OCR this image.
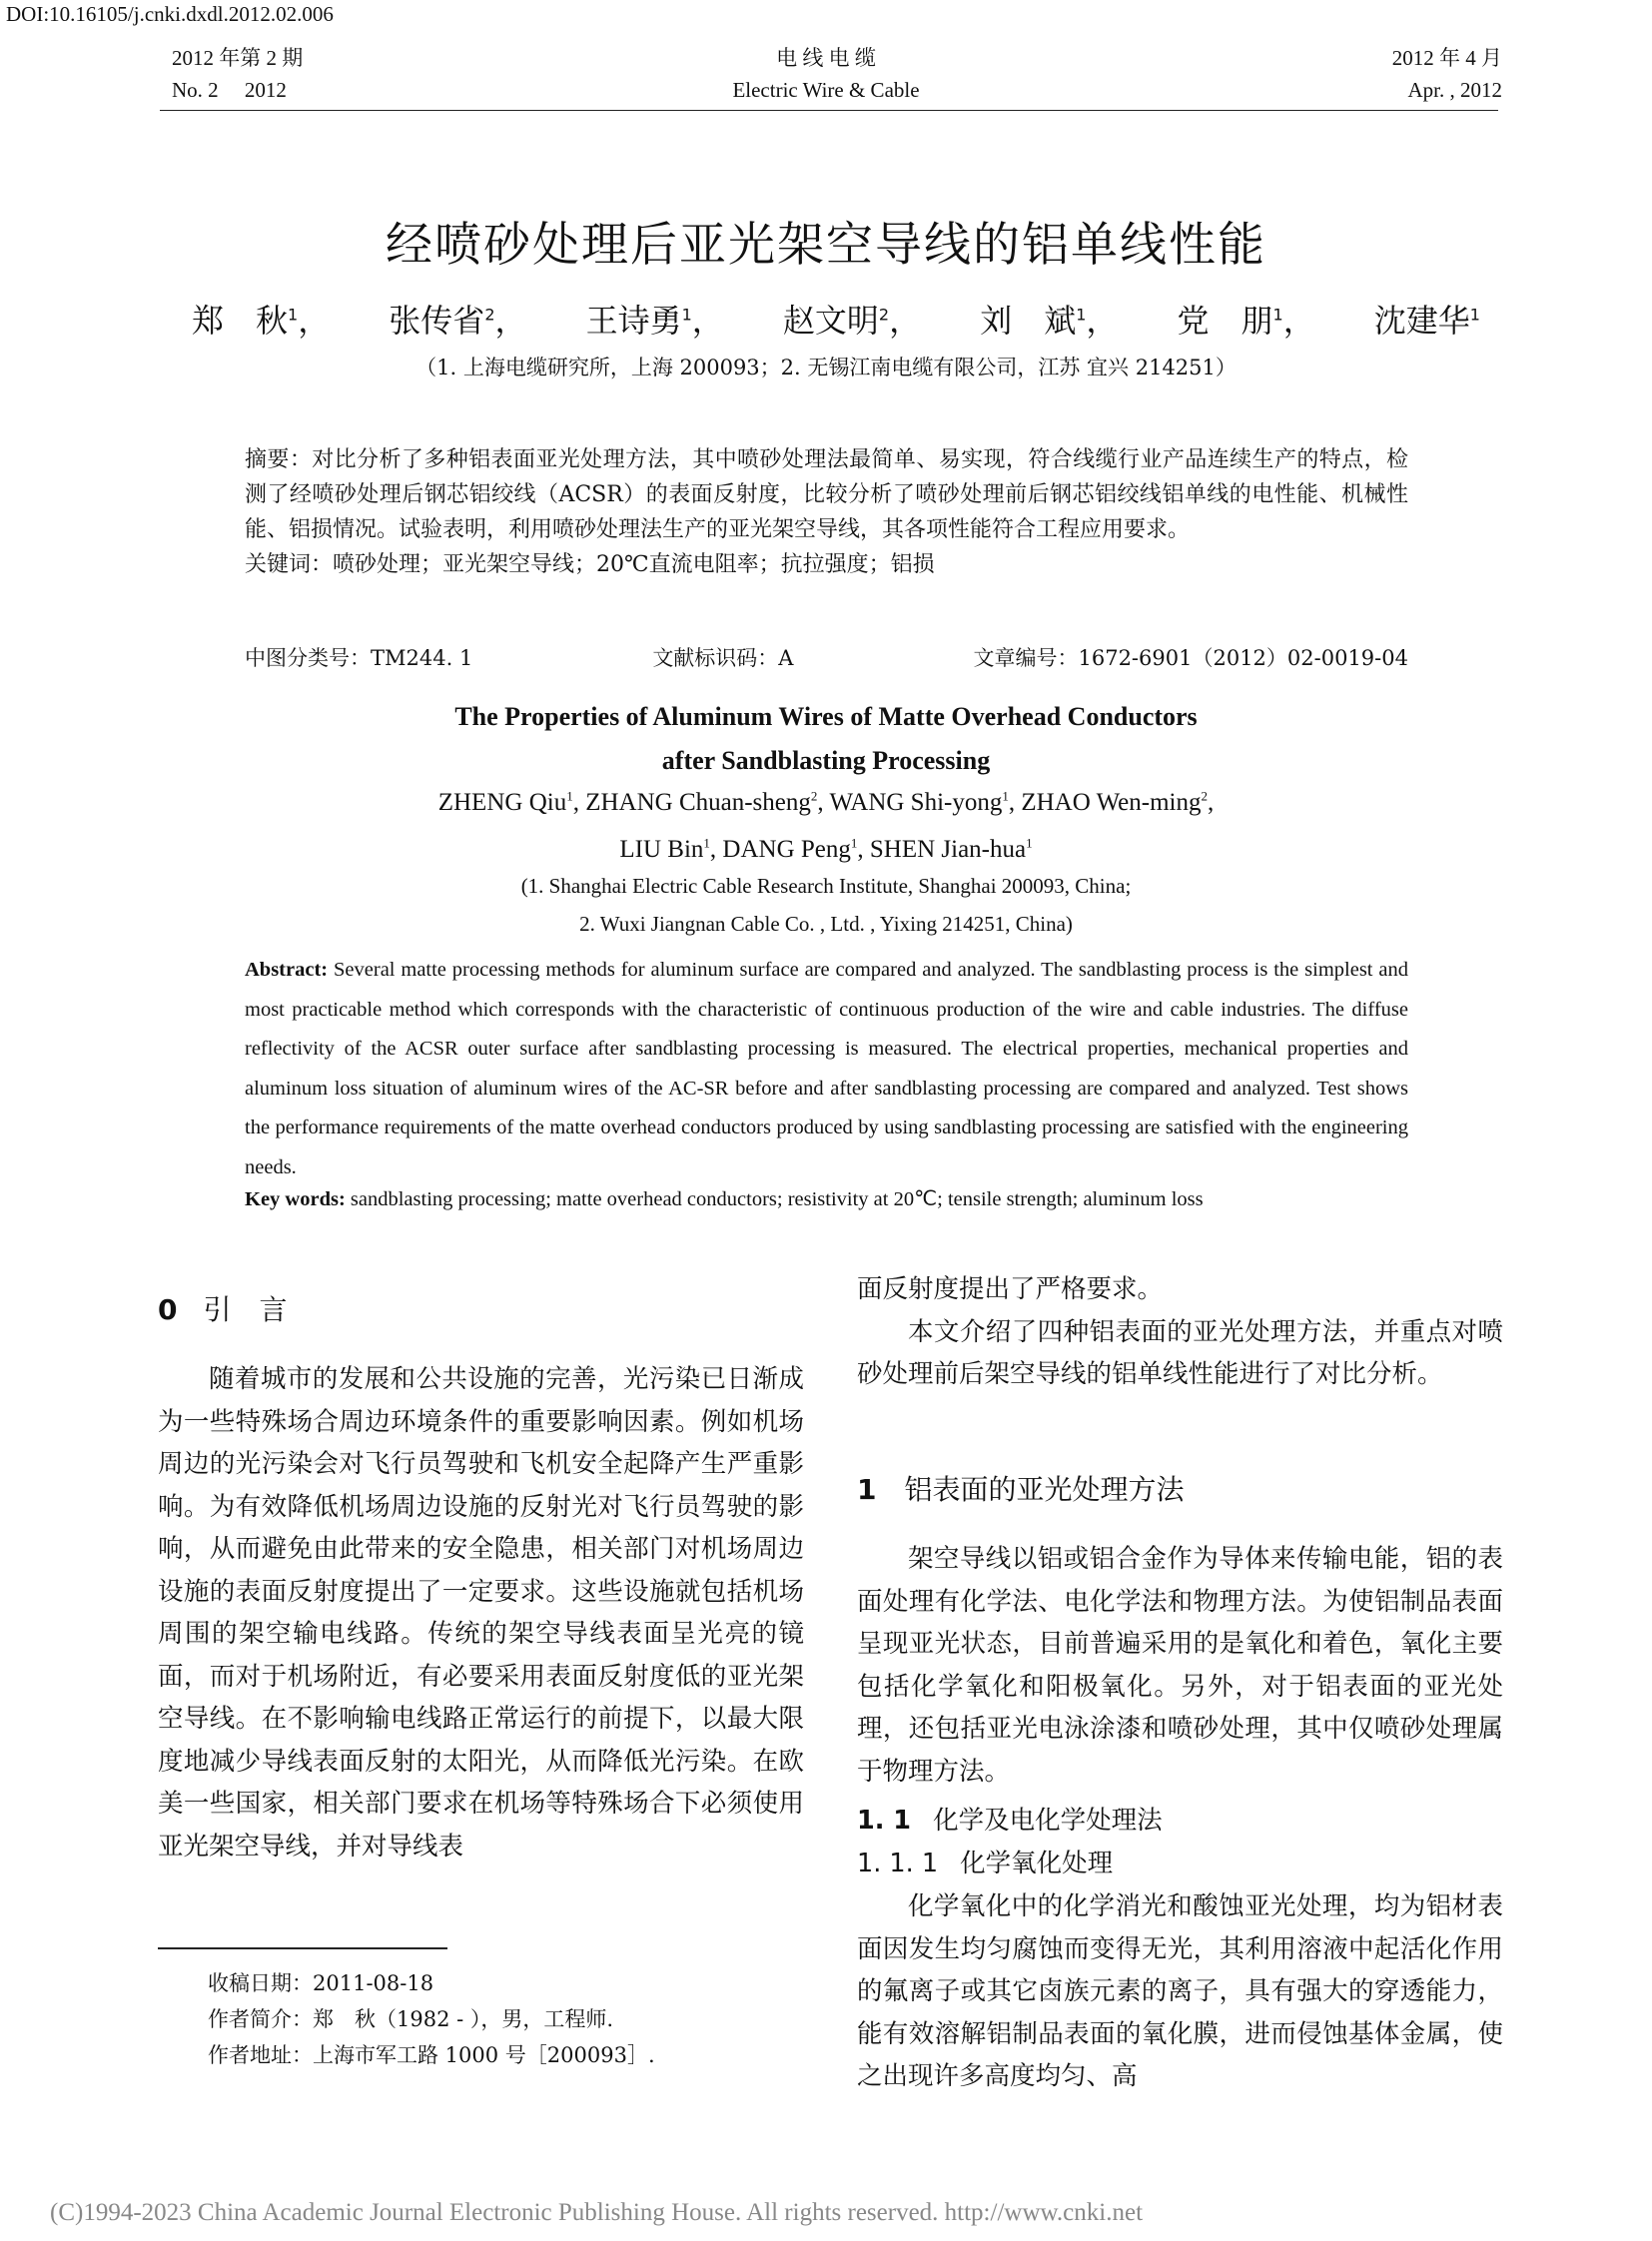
DOI:10.16105/j.cnki.dxdl.2012.02.006
2012 年第 2 期
No. 2　 2012
电 线 电 缆
Electric Wire & Cable
2012 年 4 月
Apr. , 2012
经喷砂处理后亚光架空导线的铝单线性能
郑　秋$^1$， 张传省$^2$， 王诗勇$^1$， 赵文明$^2$， 刘　斌$^1$， 党　朋$^1$， 沈建华$^1$
（1. 上海电缆研究所，上海 200093；2. 无锡江南电缆有限公司，江苏 宜兴 214251）

摘要：对比分析了多种铝表面亚光处理方法，其中喷砂处理法最简单、易实现，符合线缆行业产品连续生产的特点，检测了经喷砂处理后钢芯铝绞线（ACSR）的表面反射度，比较分析了喷砂处理前后钢芯铝绞线铝单线的电性能、机械性能、铝损情况。试验表明，利用喷砂处理法生产的亚光架空导线，其各项性能符合工程应用要求。

关键词：喷砂处理；亚光架空导线；20℃直流电阻率；抗拉强度；铝损

中图分类号：TM244. 1	文献标识码：A	文章编号：1672-6901（2012）02-0019-04
The Properties of Aluminum Wires of Matte Overhead Conductors
after Sandblasting Processing
ZHENG Qiu$^1$, ZHANG Chuan-sheng$^2$, WANG Shi-yong$^1$, ZHAO Wen-ming$^2$,
LIU Bin$^1$, DANG Peng$^1$, SHEN Jian-hua$^1$
(1. Shanghai Electric Cable Research Institute, Shanghai 200093, China;
2. Wuxi Jiangnan Cable Co. , Ltd. , Yixing 214251, China)
Abstract: Several matte processing methods for aluminum surface are compared and analyzed. The sandblasting process is the simplest and most practicable method which corresponds with the characteristic of continuous production of the wire and cable industries. The diffuse reflectivity of the ACSR outer surface after sandblasting processing is measured. The electrical properties, mechanical properties and aluminum loss situation of aluminum wires of the AC-SR before and after sandblasting processing are compared and analyzed. Test shows the performance requirements of the matte overhead conductors produced by using sandblasting processing are satisfied with the engineering needs.
Key words: sandblasting processing; matte overhead conductors; resistivity at 20℃; tensile strength; aluminum loss
0 引　言

随着城市的发展和公共设施的完善，光污染已日渐成为一些特殊场合周边环境条件的重要影响因素。例如机场周边的光污染会对飞行员驾驶和飞机安全起降产生严重影响。为有效降低机场周边设施的反射光对飞行员驾驶的影响，从而避免由此带来的安全隐患，相关部门对机场周边设施的表面反射度提出了一定要求。这些设施就包括机场周围的架空输电线路。传统的架空导线表面呈光亮的镜面，而对于机场附近，有必要采用表面反射度低的亚光架空导线。在不影响输电线路正常运行的前提下，以最大限度地减少导线表面反射的太阳光，从而降低光污染。在欧美一些国家，相关部门要求在机场等特殊场合下必须使用亚光架空导线，并对导线表

收稿日期：2011-08-18
作者简介：郑　秋（1982 - ），男，工程师.
作者地址：上海市军工路 1000 号［200093］.

面反射度提出了严格要求。

本文介绍了四种铝表面的亚光处理方法，并重点对喷砂处理前后架空导线的铝单线性能进行了对比分析。

1 铝表面的亚光处理方法

架空导线以铝或铝合金作为导体来传输电能，铝的表面处理有化学法、电化学法和物理方法。为使铝制品表面呈现亚光状态，目前普遍采用的是氧化和着色，氧化主要包括化学氧化和阳极氧化。另外，对于铝表面的亚光处理，还包括亚光电泳涂漆和喷砂处理，其中仅喷砂处理属于物理方法。

1. 1 化学及电化学处理法
1. 1. 1 化学氧化处理

化学氧化中的化学消光和酸蚀亚光处理，均为铝材表面因发生均匀腐蚀而变得无光，其利用溶液中起活化作用的氟离子或其它卤族元素的离子，具有强大的穿透能力，能有效溶解铝制品表面的氧化膜，进而侵蚀基体金属，使之出现许多高度均匀、高

(C)1994-2023 China Academic Journal Electronic Publishing House. All rights reserved. http://www.cnki.net
